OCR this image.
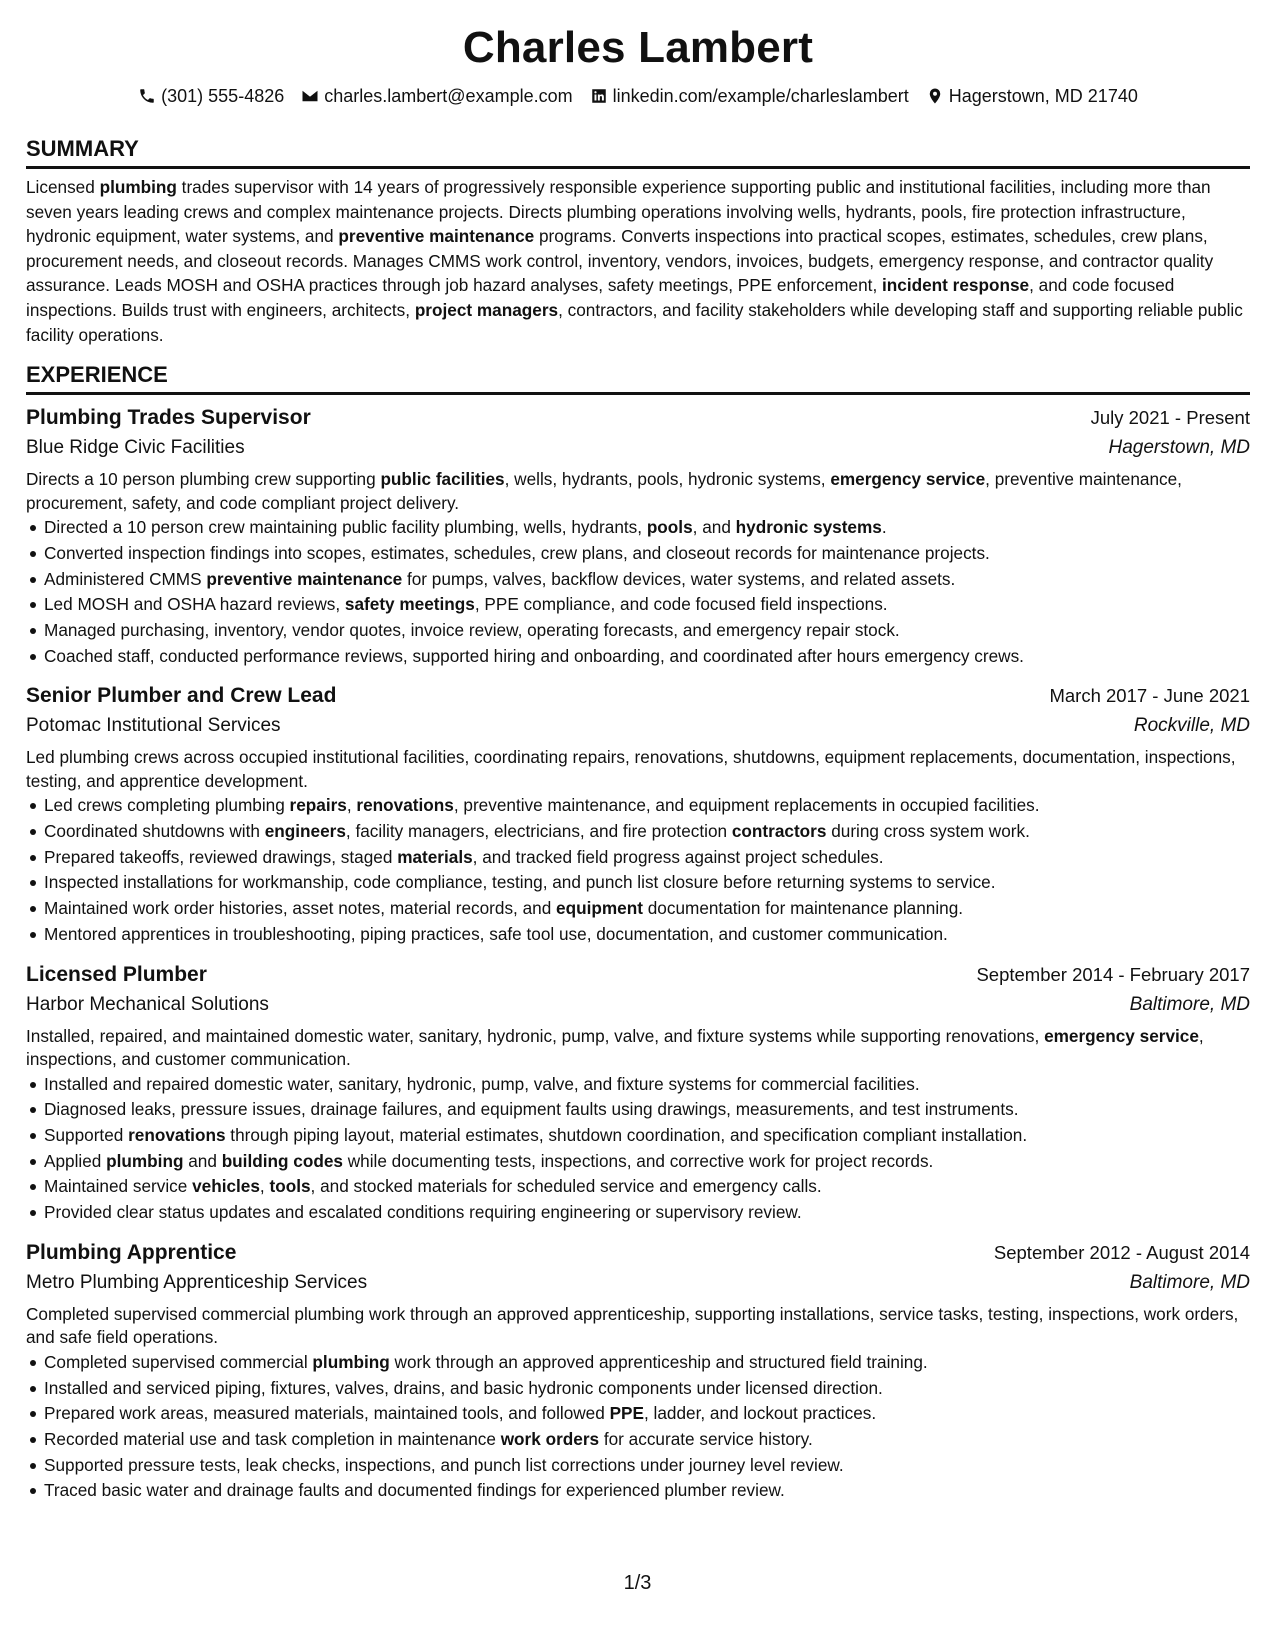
Charles Lambert
(301) 555-4826 charles.lambert@example.com linkedin.com/example/charleslambert Hagerstown, MD 21740
SUMMARY

Licensed plumbing trades supervisor with 14 years of progressively responsible experience supporting public and institutional facilities, including more than seven years leading crews and complex maintenance projects. Directs plumbing operations involving wells, hydrants, pools, fire protection infrastructure, hydronic equipment, water systems, and preventive maintenance programs. Converts inspections into practical scopes, estimates, schedules, crew plans, procurement needs, and closeout records. Manages CMMS work control, inventory, vendors, invoices, budgets, emergency response, and contractor quality assurance. Leads MOSH and OSHA practices through job hazard analyses, safety meetings, PPE enforcement, incident response, and code focused inspections. Builds trust with engineers, architects, project managers, contractors, and facility stakeholders while developing staff and supporting reliable public facility operations.

EXPERIENCE
Plumbing Trades Supervisor	July 2021 - Present
Blue Ridge Civic Facilities	Hagerstown, MD

Directs a 10 person plumbing crew supporting public facilities, wells, hydrants, pools, hydronic systems, emergency service, preventive maintenance, procurement, safety, and code compliant project delivery.

Directed a 10 person crew maintaining public facility plumbing, wells, hydrants, pools, and hydronic systems.
Converted inspection findings into scopes, estimates, schedules, crew plans, and closeout records for maintenance projects.
Administered CMMS preventive maintenance for pumps, valves, backflow devices, water systems, and related assets.
Led MOSH and OSHA hazard reviews, safety meetings, PPE compliance, and code focused field inspections.
Managed purchasing, inventory, vendor quotes, invoice review, operating forecasts, and emergency repair stock.
Coached staff, conducted performance reviews, supported hiring and onboarding, and coordinated after hours emergency crews.
Senior Plumber and Crew Lead	March 2017 - June 2021
Potomac Institutional Services	Rockville, MD

Led plumbing crews across occupied institutional facilities, coordinating repairs, renovations, shutdowns, equipment replacements, documentation, inspections, testing, and apprentice development.

Led crews completing plumbing repairs, renovations, preventive maintenance, and equipment replacements in occupied facilities.
Coordinated shutdowns with engineers, facility managers, electricians, and fire protection contractors during cross system work.
Prepared takeoffs, reviewed drawings, staged materials, and tracked field progress against project schedules.
Inspected installations for workmanship, code compliance, testing, and punch list closure before returning systems to service.
Maintained work order histories, asset notes, material records, and equipment documentation for maintenance planning.
Mentored apprentices in troubleshooting, piping practices, safe tool use, documentation, and customer communication.
Licensed Plumber	September 2014 - February 2017
Harbor Mechanical Solutions	Baltimore, MD

Installed, repaired, and maintained domestic water, sanitary, hydronic, pump, valve, and fixture systems while supporting renovations, emergency service, inspections, and customer communication.

Installed and repaired domestic water, sanitary, hydronic, pump, valve, and fixture systems for commercial facilities.
Diagnosed leaks, pressure issues, drainage failures, and equipment faults using drawings, measurements, and test instruments.
Supported renovations through piping layout, material estimates, shutdown coordination, and specification compliant installation.
Applied plumbing and building codes while documenting tests, inspections, and corrective work for project records.
Maintained service vehicles, tools, and stocked materials for scheduled service and emergency calls.
Provided clear status updates and escalated conditions requiring engineering or supervisory review.
Plumbing Apprentice	September 2012 - August 2014
Metro Plumbing Apprenticeship Services	Baltimore, MD

Completed supervised commercial plumbing work through an approved apprenticeship, supporting installations, service tasks, testing, inspections, work orders, and safe field operations.

Completed supervised commercial plumbing work through an approved apprenticeship and structured field training.
Installed and serviced piping, fixtures, valves, drains, and basic hydronic components under licensed direction.
Prepared work areas, measured materials, maintained tools, and followed PPE, ladder, and lockout practices.
Recorded material use and task completion in maintenance work orders for accurate service history.
Supported pressure tests, leak checks, inspections, and punch list corrections under journey level review.
Traced basic water and drainage faults and documented findings for experienced plumber review.
1/3
